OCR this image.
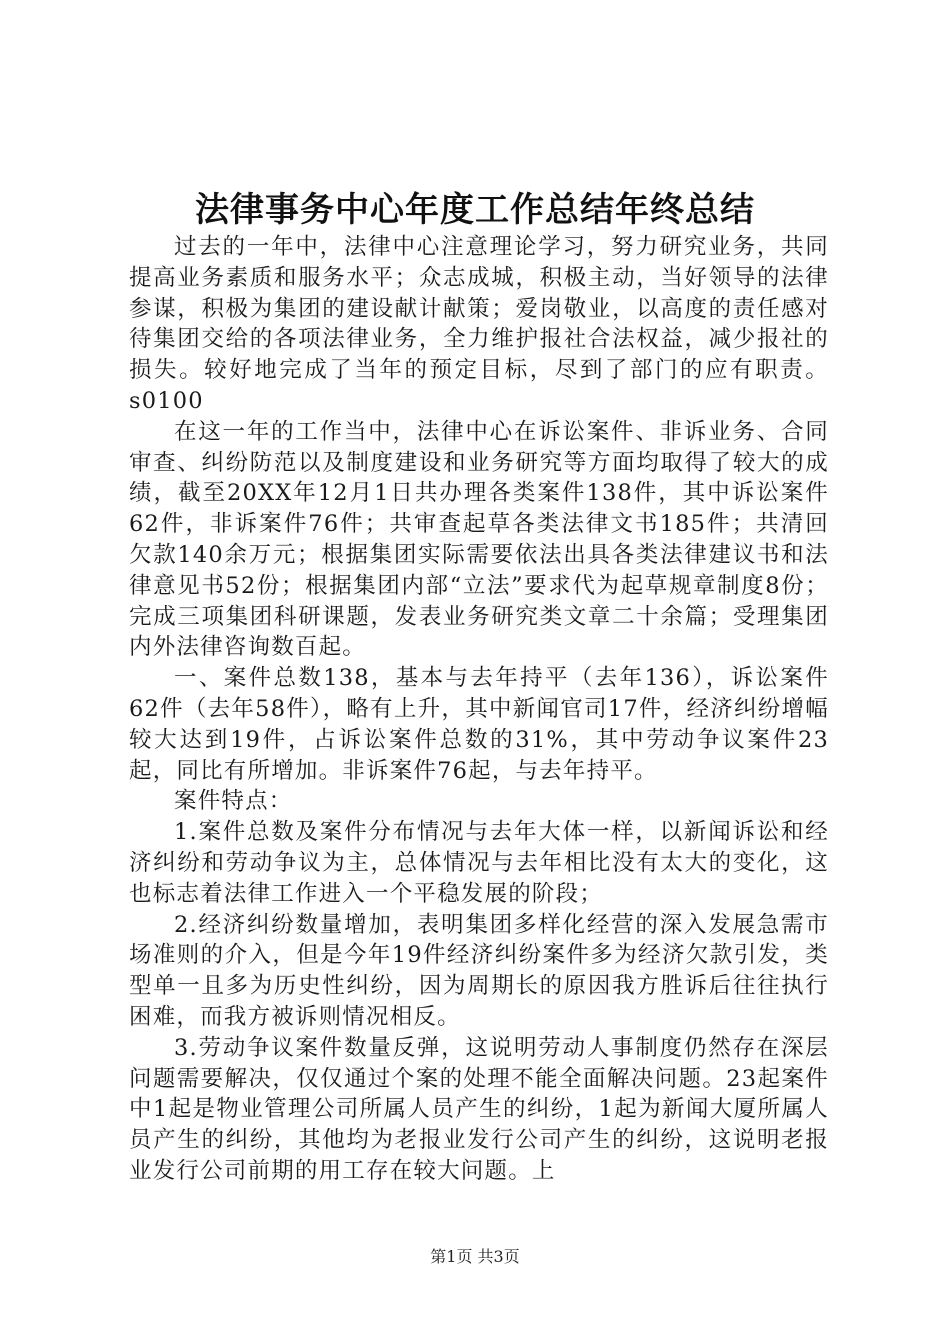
法律事务中心年度工作总结年终总结

过去的一年中，法律中心注意理论学习，努力研究业务，共同提高业务素质和服务水平；众志成城，积极主动，当好领导的法律参谋，积极为集团的建设献计献策；爱岗敬业，以高度的责任感对待集团交给的各项法律业务，全力维护报社合法权益，减少报社的损失。较好地完成了当年的预定目标，尽到了部门的应有职责。s0100

在这一年的工作当中，法律中心在诉讼案件、非诉业务、合同审查、纠纷防范以及制度建设和业务研究等方面均取得了较大的成绩，截至20XX年12月1日共办理各类案件138件，其中诉讼案件62件，非诉案件76件；共审查起草各类法律文书185件；共清回欠款140余万元；根据集团实际需要依法出具各类法律建议书和法律意见书52份；根据集团内部“立法”要求代为起草规章制度8份；完成三项集团科研课题，发表业务研究类文章二十余篇；受理集团内外法律咨询数百起。

一、案件总数138，基本与去年持平（去年136），诉讼案件62件（去年58件），略有上升，其中新闻官司17件，经济纠纷增幅较大达到19件，占诉讼案件总数的31%，其中劳动争议案件23起，同比有所增加。非诉案件76起，与去年持平。

案件特点：

1.案件总数及案件分布情况与去年大体一样，以新闻诉讼和经济纠纷和劳动争议为主，总体情况与去年相比没有太大的变化，这也标志着法律工作进入一个平稳发展的阶段；

2.经济纠纷数量增加，表明集团多样化经营的深入发展急需市场准则的介入，但是今年19件经济纠纷案件多为经济欠款引发，类型单一且多为历史性纠纷，因为周期长的原因我方胜诉后往往执行困难，而我方被诉则情况相反。

3.劳动争议案件数量反弹，这说明劳动人事制度仍然存在深层问题需要解决，仅仅通过个案的处理不能全面解决问题。23起案件中1起是物业管理公司所属人员产生的纠纷，1起为新闻大厦所属人员产生的纠纷，其他均为老报业发行公司产生的纠纷，这说明老报业发行公司前期的用工存在较大问题。上

第1页 共3页
